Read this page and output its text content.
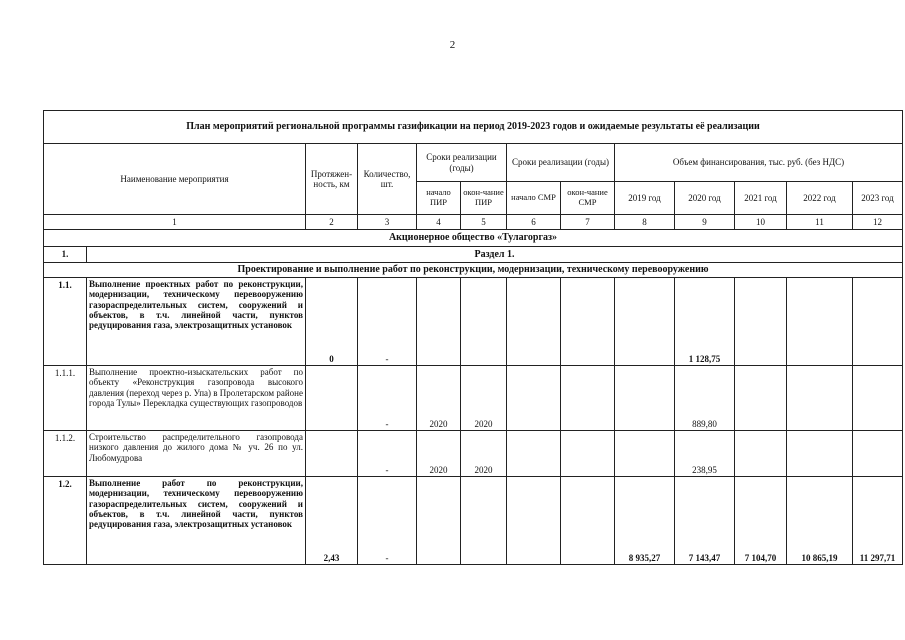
2
План мероприятий региональной программы газификации на период 2019-2023 годов и ожидаемые результаты её реализации												
Наименование мероприятия		Протяжен-ность, км	Количество, шт.	Сроки реализации (годы)		Сроки реализации (годы)		Объем финансирования, тыс. руб. (без НДС)				
				начало ПИР	окон-чание ПИР	начало СМР	окон-чание СМР	2019 год	2020 год	2021 год	2022 год	2023 год
1		2	3	4	5	6	7	8	9	10	11	12
Акционерное общество «Тулагоргаз»												
1.	Раздел 1.											
Проектирование и выполнение работ по реконструкции, модернизации, техническому перевооружению												
1.1.	Выполнение проектных работ по реконструкции, модернизации, техническому перевооружению газораспределительных систем, сооружений и объектов, в т.ч. линейной части, пунктов редуцирования газа, электрозащитных установок	0	-						1 128,75			
1.1.1.	Выполнение проектно-изыскательских работ по объекту «Реконструкция газопровода высокого давления (переход через р. Упа) в Пролетарском районе города Тулы» Перекладка существующих газопроводов		-	2020	2020				889,80			
1.1.2.	Строительство распределительного газопровода низкого давления до жилого дома № уч. 26 по ул. Любомудрова		-	2020	2020				238,95			
1.2.	Выполнение работ по реконструкции, модернизации, техническому перевооружению газораспределительных систем, сооружений и объектов, в т.ч. линейной части, пунктов редуцирования газа, электрозащитных установок	2,43	-					8 935,27	7 143,47	7 104,70	10 865,19	11 297,71
